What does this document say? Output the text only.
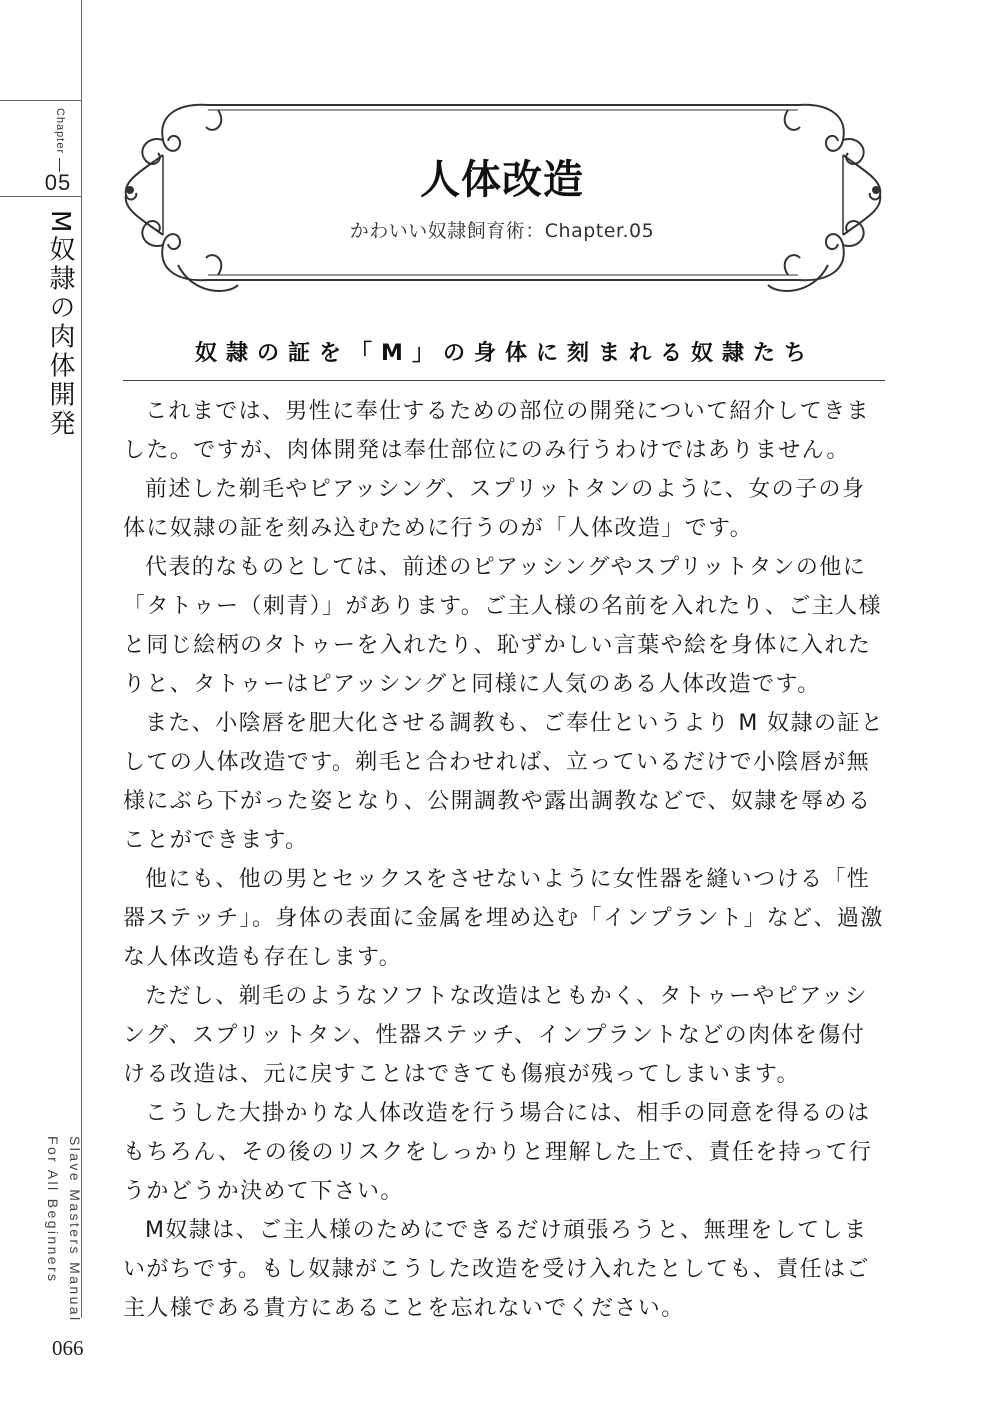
Chapter
05
M奴隷の肉体開発
Slave Masters Manual
For All Beginners
066
人体改造
かわいい奴隷飼育術：Chapter.05
奴隷の証を「M」の身体に刻まれる奴隷たち

これまでは、男性に奉仕するための部位の開発について紹介してきました。ですが、肉体開発は奉仕部位にのみ行うわけではありません。

前述した剃毛やピアッシング、スプリットタンのように、女の子の身体に奴隷の証を刻み込むために行うのが「人体改造」です。

代表的なものとしては、前述のピアッシングやスプリットタンの他に「タトゥー（刺青）」があります。ご主人様の名前を入れたり、ご主人様と同じ絵柄のタトゥーを入れたり、恥ずかしい言葉や絵を身体に入れたりと、タトゥーはピアッシングと同様に人気のある人体改造です。

また、小陰唇を肥大化させる調教も、ご奉仕というより M 奴隷の証としての人体改造です。剃毛と合わせれば、立っているだけで小陰唇が無様にぶら下がった姿となり、公開調教や露出調教などで、奴隷を辱めることができます。

他にも、他の男とセックスをさせないように女性器を縫いつける「性器ステッチ」。身体の表面に金属を埋め込む「インプラント」など、過激な人体改造も存在します。

ただし、剃毛のようなソフトな改造はともかく、タトゥーやピアッシング、スプリットタン、性器ステッチ、インプラントなどの肉体を傷付ける改造は、元に戻すことはできても傷痕が残ってしまいます。

こうした大掛かりな人体改造を行う場合には、相手の同意を得るのはもちろん、その後のリスクをしっかりと理解した上で、責任を持って行うかどうか決めて下さい。

M奴隷は、ご主人様のためにできるだけ頑張ろうと、無理をしてしまいがちです。もし奴隷がこうした改造を受け入れたとしても、責任はご主人様である貴方にあることを忘れないでください。
